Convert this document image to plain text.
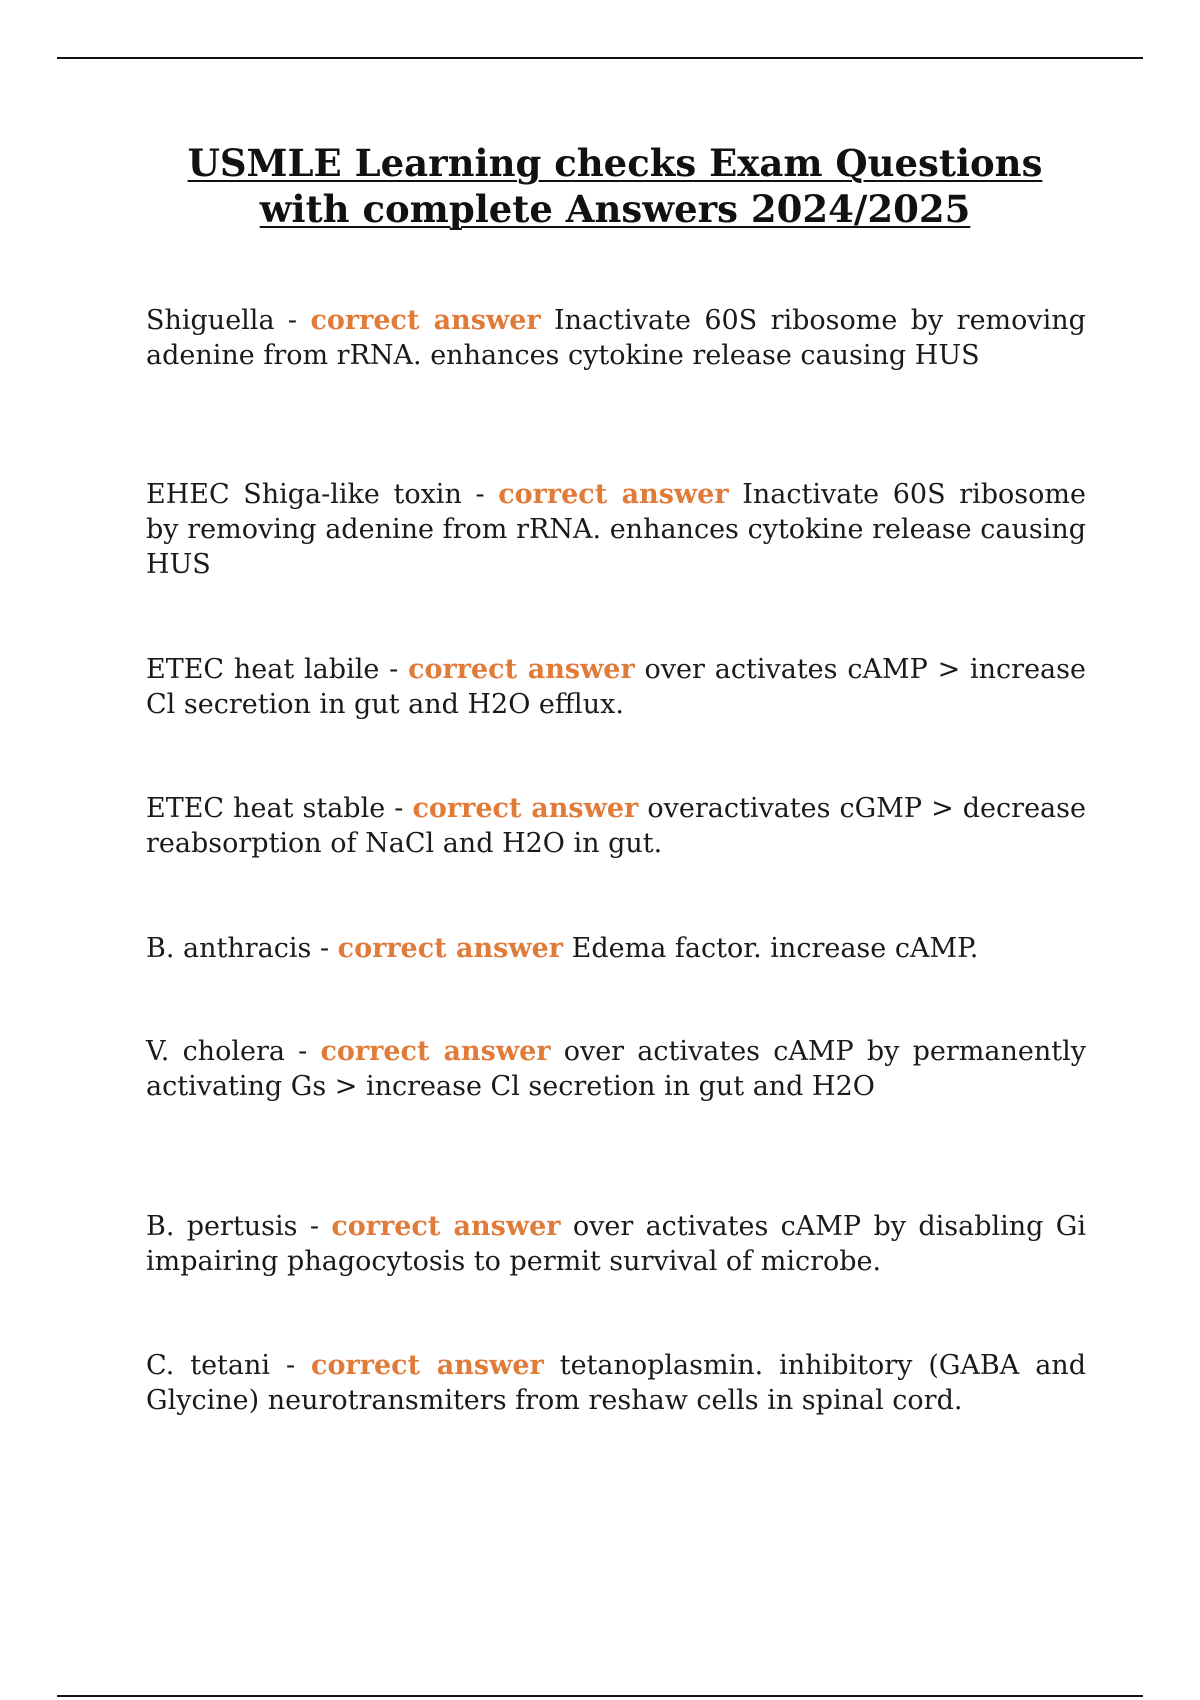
USMLE Learning checks Exam Questions with complete Answers 2024/2025
Shiguella - correct answer Inactivate 60S ribosome by removing adenine from rRNA. enhances cytokine release causing HUS
EHEC Shiga-like toxin - correct answer Inactivate 60S ribosome by removing adenine from rRNA. enhances cytokine release causing HUS
ETEC heat labile - correct answer over activates cAMP > increase Cl secretion in gut and H2O efflux.
ETEC heat stable - correct answer overactivates cGMP > decrease reabsorption of NaCl and H2O in gut.
B. anthracis - correct answer Edema factor. increase cAMP.
V. cholera - correct answer over activates cAMP by permanently activating Gs > increase Cl secretion in gut and H2O
B. pertusis - correct answer over activates cAMP by disabling Gi impairing phagocytosis to permit survival of microbe.
C. tetani - correct answer tetanoplasmin. inhibitory (GABA and Glycine) neurotransmiters from reshaw cells in spinal cord.
